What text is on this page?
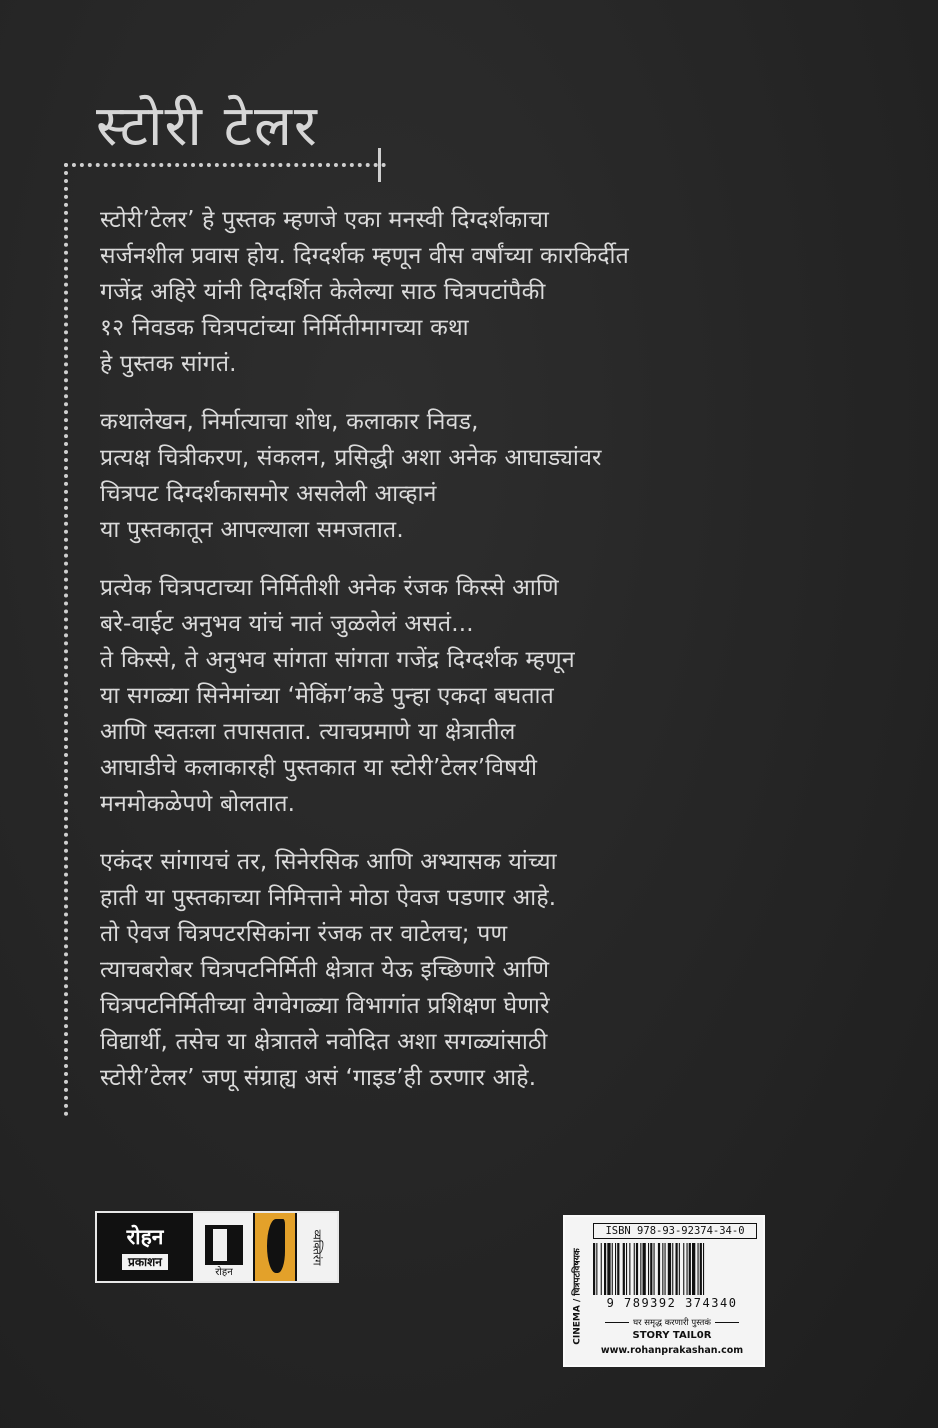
स्टोरी टेलर
स्टोरी’टेलर’ हे पुस्तक म्हणजे एका मनस्वी दिग्दर्शकाचा
सर्जनशील प्रवास होय. दिग्दर्शक म्हणून वीस वर्षांच्या कारकिर्दीत
गजेंद्र अहिरे यांनी दिग्दर्शित केलेल्या साठ चित्रपटांपैकी
१२ निवडक चित्रपटांच्या निर्मितीमागच्या कथा
हे पुस्तक सांगतं.
कथालेखन, निर्मात्याचा शोध, कलाकार निवड,
प्रत्यक्ष चित्रीकरण, संकलन, प्रसिद्धी अशा अनेक आघाड्यांवर
चित्रपट दिग्दर्शकासमोर असलेली आव्हानं
या पुस्तकातून आपल्याला समजतात.
प्रत्येक चित्रपटाच्या निर्मितीशी अनेक रंजक किस्से आणि
बरे-वाईट अनुभव यांचं नातं जुळलेलं असतं...
ते किस्से, ते अनुभव सांगता सांगता गजेंद्र दिग्दर्शक म्हणून
या सगळ्या सिनेमांच्या ‘मेकिंग’कडे पुन्हा एकदा बघतात
आणि स्वतःला तपासतात. त्याचप्रमाणे या क्षेत्रातील
आघाडीचे कलाकारही पुस्तकात या स्टोरी’टेलर’विषयी
मनमोकळेपणे बोलतात.
एकंदर सांगायचं तर, सिनेरसिक आणि अभ्यासक यांच्या
हाती या पुस्तकाच्या निमित्ताने मोठा ऐवज पडणार आहे.
तो ऐवज चित्रपटरसिकांना रंजक तर वाटेलच; पण
त्याचबरोबर चित्रपटनिर्मिती क्षेत्रात येऊ इच्छिणारे आणि
चित्रपटनिर्मितीच्या वेगवेगळ्या विभागांत प्रशिक्षण घेणारे
विद्यार्थी, तसेच या क्षेत्रातले नवोदित अशा सगळ्यांसाठी
स्टोरी’टेलर’ जणू संग्राह्य असं ‘गाइड’ही ठरणार आहे.
रोहन
प्रकाशन
रोहन
व्यक्तिरंग	ISBN 978-93-92374-34-0
CINEMA / चित्रपटविषयक	9 789392 374340
घर समृद्ध करणारी पुस्तकं
STORY TAIL0R
www.rohanprakashan.com
